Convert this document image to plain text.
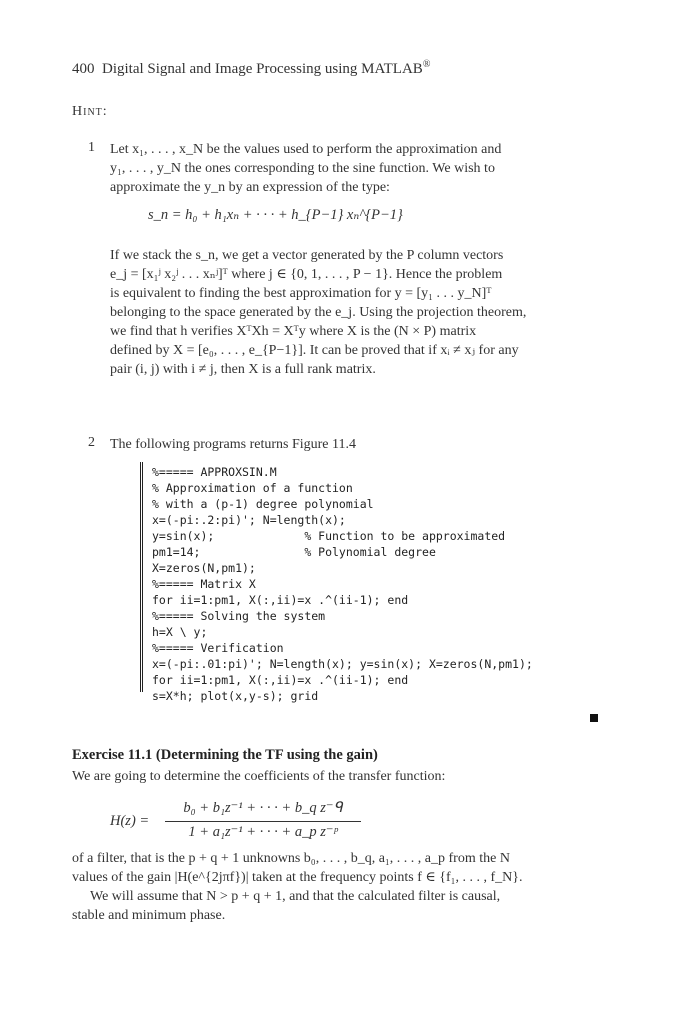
400 Digital Signal and Image Processing using MATLAB®
Hint:
1 Let x₁, . . . , x_N be the values used to perform the approximation and
y₁, . . . , y_N the ones corresponding to the sine function. We wish to
approximate the y_n by an expression of the type:
s_n = h₀ + h₁xₙ + · · · + h_{P−1} xₙ^{P−1}
If we stack the s_n, we get a vector generated by the P column vectors
e_j = [x₁ʲ x₂ʲ . . . xₙʲ]ᵀ where j ∈ {0, 1, . . . , P − 1}. Hence the problem
is equivalent to finding the best approximation for y = [y₁ . . . y_N]ᵀ
belonging to the space generated by the e_j. Using the projection theorem,
we find that h verifies XᵀXh = Xᵀy where X is the (N × P) matrix
defined by X = [e₀, . . . , e_{P−1}]. It can be proved that if xᵢ ≠ xⱼ for any
pair (i, j) with i ≠ j, then X is a full rank matrix.
2 The following programs returns Figure 11.4
%===== APPROXSIN.M
% Approximation of a function
% with a (p-1) degree polynomial
x=(-pi:.2:pi)'; N=length(x);
y=sin(x);             % Function to be approximated
pm1=14;               % Polynomial degree
X=zeros(N,pm1);
%===== Matrix X
for ii=1:pm1, X(:,ii)=x .^(ii-1); end
%===== Solving the system
h=X \ y;
%===== Verification
x=(-pi:.01:pi)'; N=length(x); y=sin(x); X=zeros(N,pm1);
for ii=1:pm1, X(:,ii)=x .^(ii-1); end
s=X*h; plot(x,y-s); grid
Exercise 11.1 (Determining the TF using the gain)
We are going to determine the coefficients of the transfer function:
H(z) =
b₀ + b₁z⁻¹ + · · · + b_q z⁻ᑫ
1 + a₁z⁻¹ + · · · + a_p z⁻ᵖ
of a filter, that is the p + q + 1 unknowns b₀, . . . , b_q, a₁, . . . , a_p from the N
values of the gain |H(e^{2jπf})| taken at the frequency points f ∈ {f₁, . . . , f_N}.
We will assume that N > p + q + 1, and that the calculated filter is causal,
stable and minimum phase.
